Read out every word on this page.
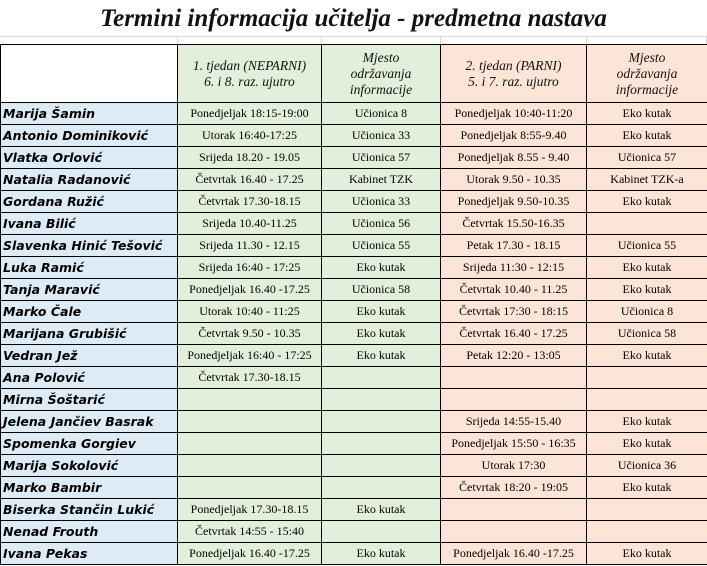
Termini informacija učitelja - predmetna nastava

	1. tjedan (NEPARNI)
6. i 8. raz. ujutro	Mjesto
održavanja
informacije	2. tjedan (PARNI)
5. i 7. raz. ujutro	Mjesto
održavanja
informacije

Marija Šamin	Ponedjeljak 18:15-19:00	Učionica 8	Ponedjeljak 10:40-11:20	Eko kutak
Antonio Dominiković	Utorak 16:40-17:25	Učionica 33	Ponedjeljak 8:55-9.40	Eko kutak
Vlatka Orlović	Srijeda 18.20 - 19.05	Učionica 57	Ponedjeljak 8.55 - 9.40	Učionica 57
Natalia Radanović	Četvrtak 16.40 - 17.25	Kabinet TZK	Utorak 9.50 - 10.35	Kabinet TZK-a
Gordana Ružić	Četvrtak 17.30-18.15	Učionica 33	Ponedjeljak 9.50-10.35	Eko kutak
Ivana Bilić	Srijeda 10.40-11.25	Učionica 56	Četvrtak 15.50-16.35	
Slavenka Hinić Tešović	Srijeda 11.30 - 12.15	Učionica 55	Petak 17.30 - 18.15	Učionica 55
Luka Ramić	Srijeda 16:40 - 17:25	Eko kutak	Srijeda 11:30 - 12:15	Eko kutak
Tanja Maravić	Ponedjeljak 16.40 -17.25	Učionica 58	Četvrtak 10.40 - 11.25	Eko kutak
Marko Čale	Utorak 10:40 - 11:25	Eko kutak	Četvrtak 17:30 - 18:15	Učionica 8
Marijana Grubišić	Četvrtak 9.50 - 10.35	Eko kutak	Četvrtak 16.40 - 17.25	Učionica 58
Vedran Jež	Ponedjeljak 16:40 - 17:25	Eko kutak	Petak 12:20 - 13:05	Eko kutak
Ana Polović	Četvrtak 17.30-18.15			
Mirna Šoštarić				
Jelena Jančiev Basrak			Srijeda 14:55-15.40	Eko kutak
Spomenka Gorgiev			Ponedjeljak 15:50 - 16:35	Eko kutak
Marija Sokolović			Utorak 17:30	Učionica 36
Marko Bambir			Četvrtak 18:20 - 19:05	Eko kutak
Biserka Stančin Lukić	Ponedjeljak 17.30-18.15	Eko kutak		
Nenad Frouth	Četvrtak 14:55 - 15:40			
Ivana Pekas	Ponedjeljak 16.40 -17.25	Eko kutak	Ponedjeljak 16.40 -17.25	Eko kutak
